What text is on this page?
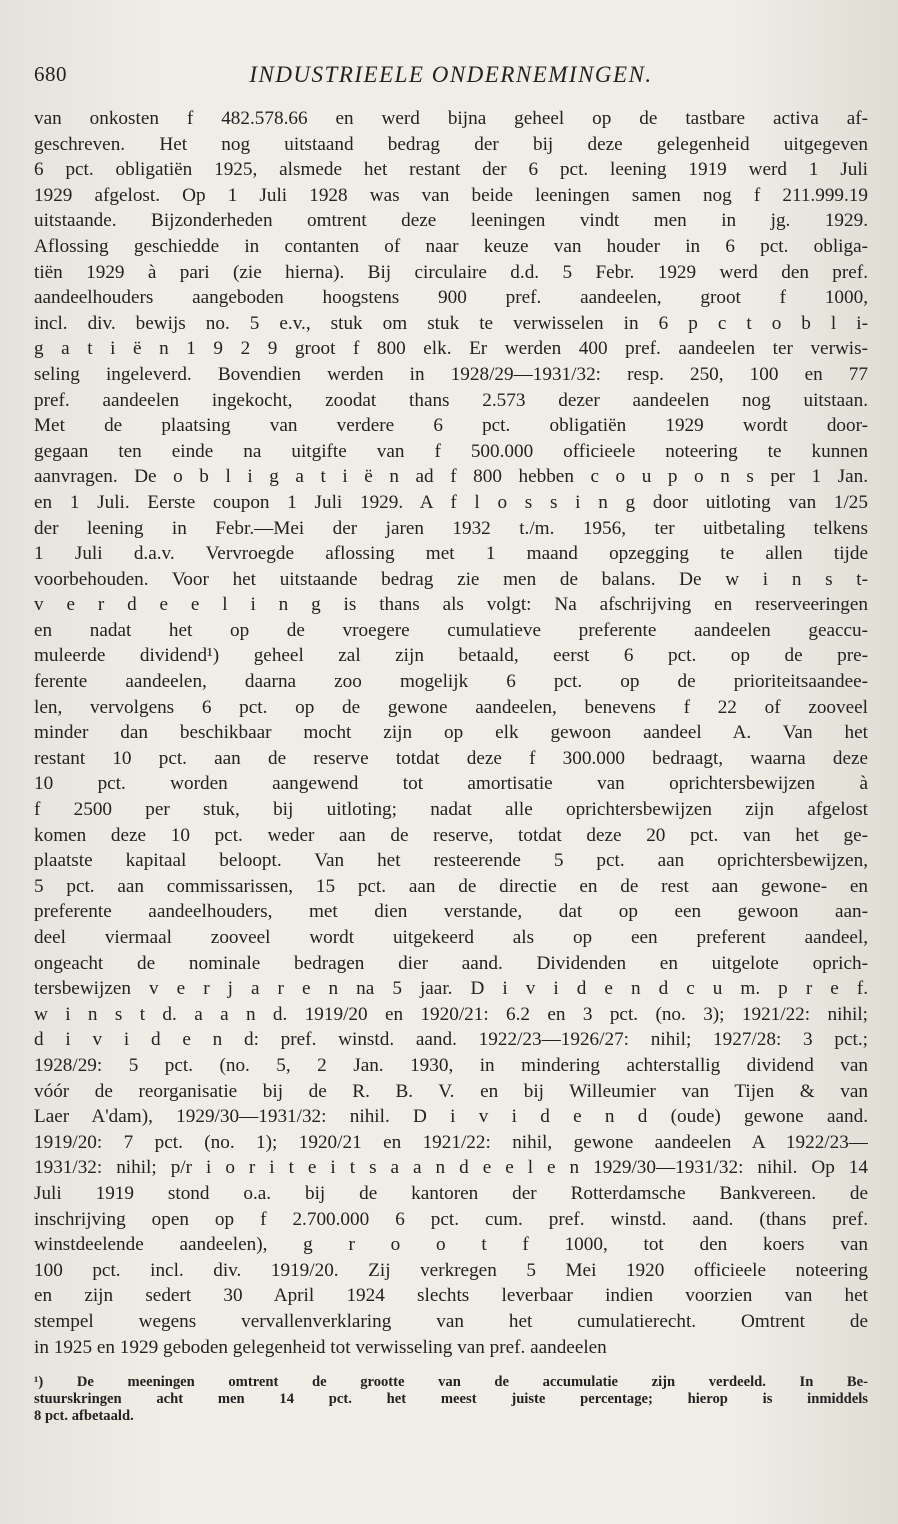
680	INDUSTRIEELE ONDERNEMINGEN.
van onkosten f 482.578.66 en werd bijna geheel op de tastbare activa af-
geschreven. Het nog uitstaand bedrag der bij deze gelegenheid uitgegeven
6 pct. obligatiën 1925, alsmede het restant der 6 pct. leening 1919 werd 1 Juli
1929 afgelost. Op 1 Juli 1928 was van beide leeningen samen nog f 211.999.19
uitstaande. Bijzonderheden omtrent deze leeningen vindt men in jg. 1929.
Aflossing geschiedde in contanten of naar keuze van houder in 6 pct. obliga-
tiën 1929 à pari (zie hierna). Bij circulaire d.d. 5 Febr. 1929 werd den pref.
aandeelhouders aangeboden hoogstens 900 pref. aandeelen, groot f 1000,
incl. div. bewijs no. 5 e.v., stuk om stuk te verwisselen in 6 p c t o b l i-
g a t i ë n 1 9 2 9 groot f 800 elk. Er werden 400 pref. aandeelen ter verwis-
seling ingeleverd. Bovendien werden in 1928/29—1931/32: resp. 250, 100 en 77
pref. aandeelen ingekocht, zoodat thans 2.573 dezer aandeelen nog uitstaan.
Met de plaatsing van verdere 6 pct. obligatiën 1929 wordt door-
gegaan ten einde na uitgifte van f 500.000 officieele noteering te kunnen
aanvragen. De o b l i g a t i ë n ad f 800 hebben c o u p o n s per 1 Jan.
en 1 Juli. Eerste coupon 1 Juli 1929. A f l o s s i n g door uitloting van 1/25
der leening in Febr.—Mei der jaren 1932 t./m. 1956, ter uitbetaling telkens
1 Juli d.a.v. Vervroegde aflossing met 1 maand opzegging te allen tijde
voorbehouden. Voor het uitstaande bedrag zie men de balans. De w i n s t-
v e r d e e l i n g is thans als volgt: Na afschrijving en reserveeringen
en nadat het op de vroegere cumulatieve preferente aandeelen geaccu-
muleerde dividend¹) geheel zal zijn betaald, eerst 6 pct. op de pre-
ferente aandeelen, daarna zoo mogelijk 6 pct. op de prioriteitsaandee-
len, vervolgens 6 pct. op de gewone aandeelen, benevens f 22 of zooveel
minder dan beschikbaar mocht zijn op elk gewoon aandeel A. Van het
restant 10 pct. aan de reserve totdat deze f 300.000 bedraagt, waarna deze
10 pct. worden aangewend tot amortisatie van oprichtersbewijzen à
f 2500 per stuk, bij uitloting; nadat alle oprichtersbewijzen zijn afgelost
komen deze 10 pct. weder aan de reserve, totdat deze 20 pct. van het ge-
plaatste kapitaal beloopt. Van het resteerende 5 pct. aan oprichtersbewijzen,
5 pct. aan commissarissen, 15 pct. aan de directie en de rest aan gewone- en
preferente aandeelhouders, met dien verstande, dat op een gewoon aan-
deel viermaal zooveel wordt uitgekeerd als op een preferent aandeel,
ongeacht de nominale bedragen dier aand. Dividenden en uitgelote oprich-
tersbewijzen v e r j a r e n na 5 jaar. D i v i d e n d c u m. p r e f.
w i n s t d. a a n d. 1919/20 en 1920/21: 6.2 en 3 pct. (no. 3); 1921/22: nihil;
d i v i d e n d: pref. winstd. aand. 1922/23—1926/27: nihil; 1927/28: 3 pct.;
1928/29: 5 pct. (no. 5, 2 Jan. 1930, in mindering achterstallig dividend van
vóór de reorganisatie bij de R. B. V. en bij Willeumier van Tijen & van
Laer A'dam), 1929/30—1931/32: nihil. D i v i d e n d (oude) gewone aand.
1919/20: 7 pct. (no. 1); 1920/21 en 1921/22: nihil, gewone aandeelen A 1922/23—
1931/32: nihil; p/r i o r i t e i t s a a n d e e l e n 1929/30—1931/32: nihil. Op 14
Juli 1919 stond o.a. bij de kantoren der Rotterdamsche Bankvereen. de
inschrijving open op f 2.700.000 6 pct. cum. pref. winstd. aand. (thans pref.
winstdeelende aandeelen), g r o o t f 1000, tot den koers van
100 pct. incl. div. 1919/20. Zij verkregen 5 Mei 1920 officieele noteering
en zijn sedert 30 April 1924 slechts leverbaar indien voorzien van het
stempel wegens vervallenverklaring van het cumulatierecht. Omtrent de
in 1925 en 1929 geboden gelegenheid tot verwisseling van pref. aandeelen
¹) De meeningen omtrent de grootte van de accumulatie zijn verdeeld. In Be-
stuurskringen acht men 14 pct. het meest juiste percentage; hierop is inmiddels
8 pct. afbetaald.
